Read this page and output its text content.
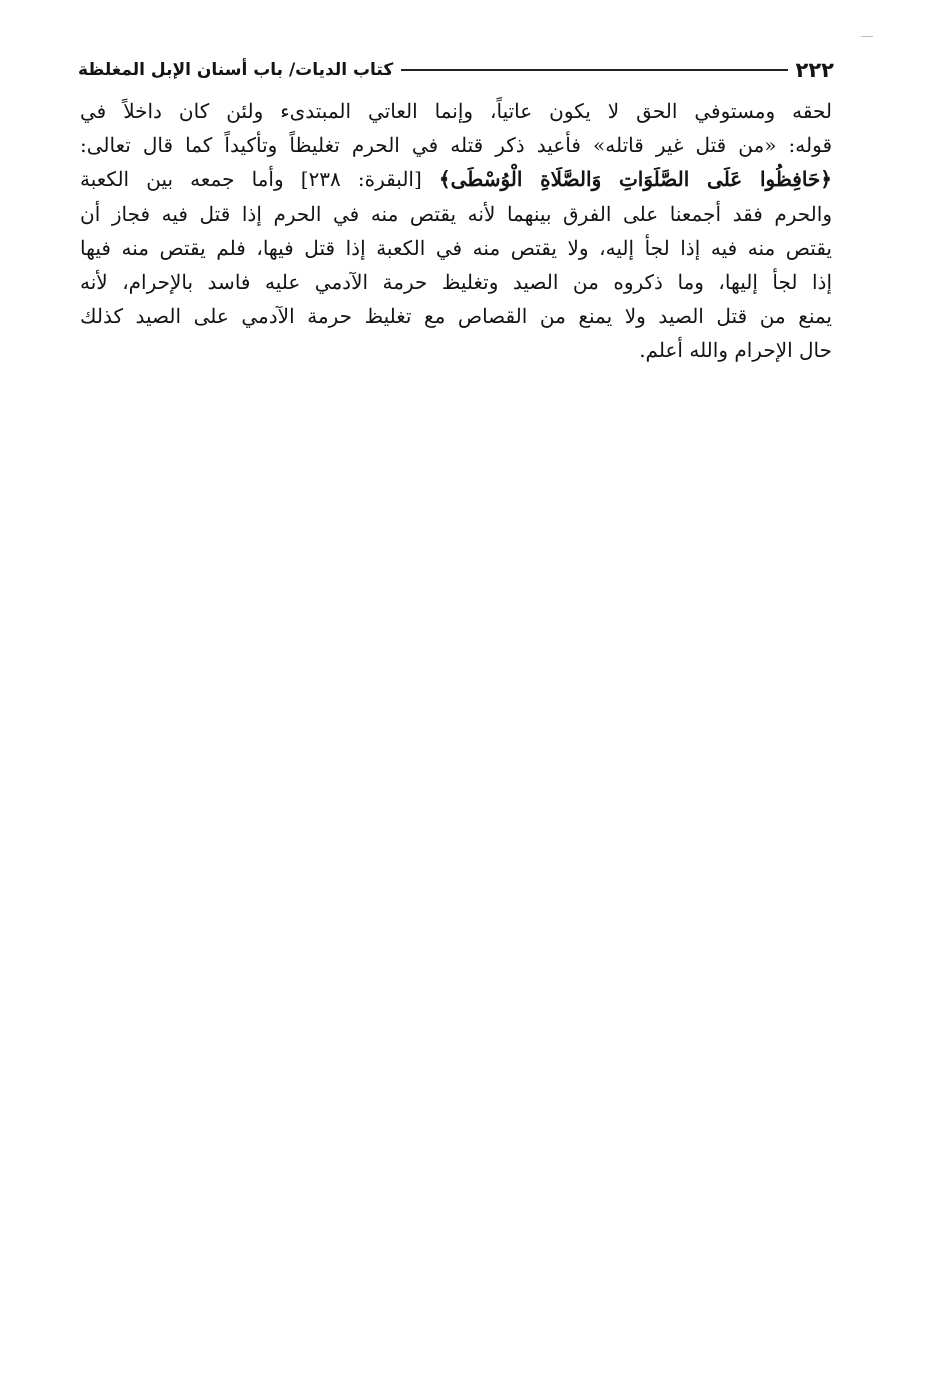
٢٢٢
كتاب الديات/ باب أسنان الإبل المغلظة
لحقه ومستوفي الحق لا يكون عاتياً، وإنما العاتي المبتدىء ولئن كان داخلاً في
قوله: «من قتل غير قاتله» فأعيد ذكر قتله في الحرم تغليظاً وتأكيداً كما قال تعالى:
﴿حَافِظُوا عَلَى الصَّلَوَاتِ وَالصَّلَاةِ الْوُسْطَى﴾ [البقرة: ٢٣٨] وأما جمعه بين الكعبة
والحرم فقد أجمعنا على الفرق بينهما لأنه يقتص منه في الحرم إذا قتل فيه فجاز أن
يقتص منه فيه إذا لجأ إليه، ولا يقتص منه في الكعبة إذا قتل فيها، فلم يقتص منه فيها
إذا لجأ إليها، وما ذكروه من الصيد وتغليظ حرمة الآدمي عليه فاسد بالإحرام، لأنه
يمنع من قتل الصيد ولا يمنع من القصاص مع تغليظ حرمة الآدمي على الصيد كذلك
حال الإحرام والله أعلم.
